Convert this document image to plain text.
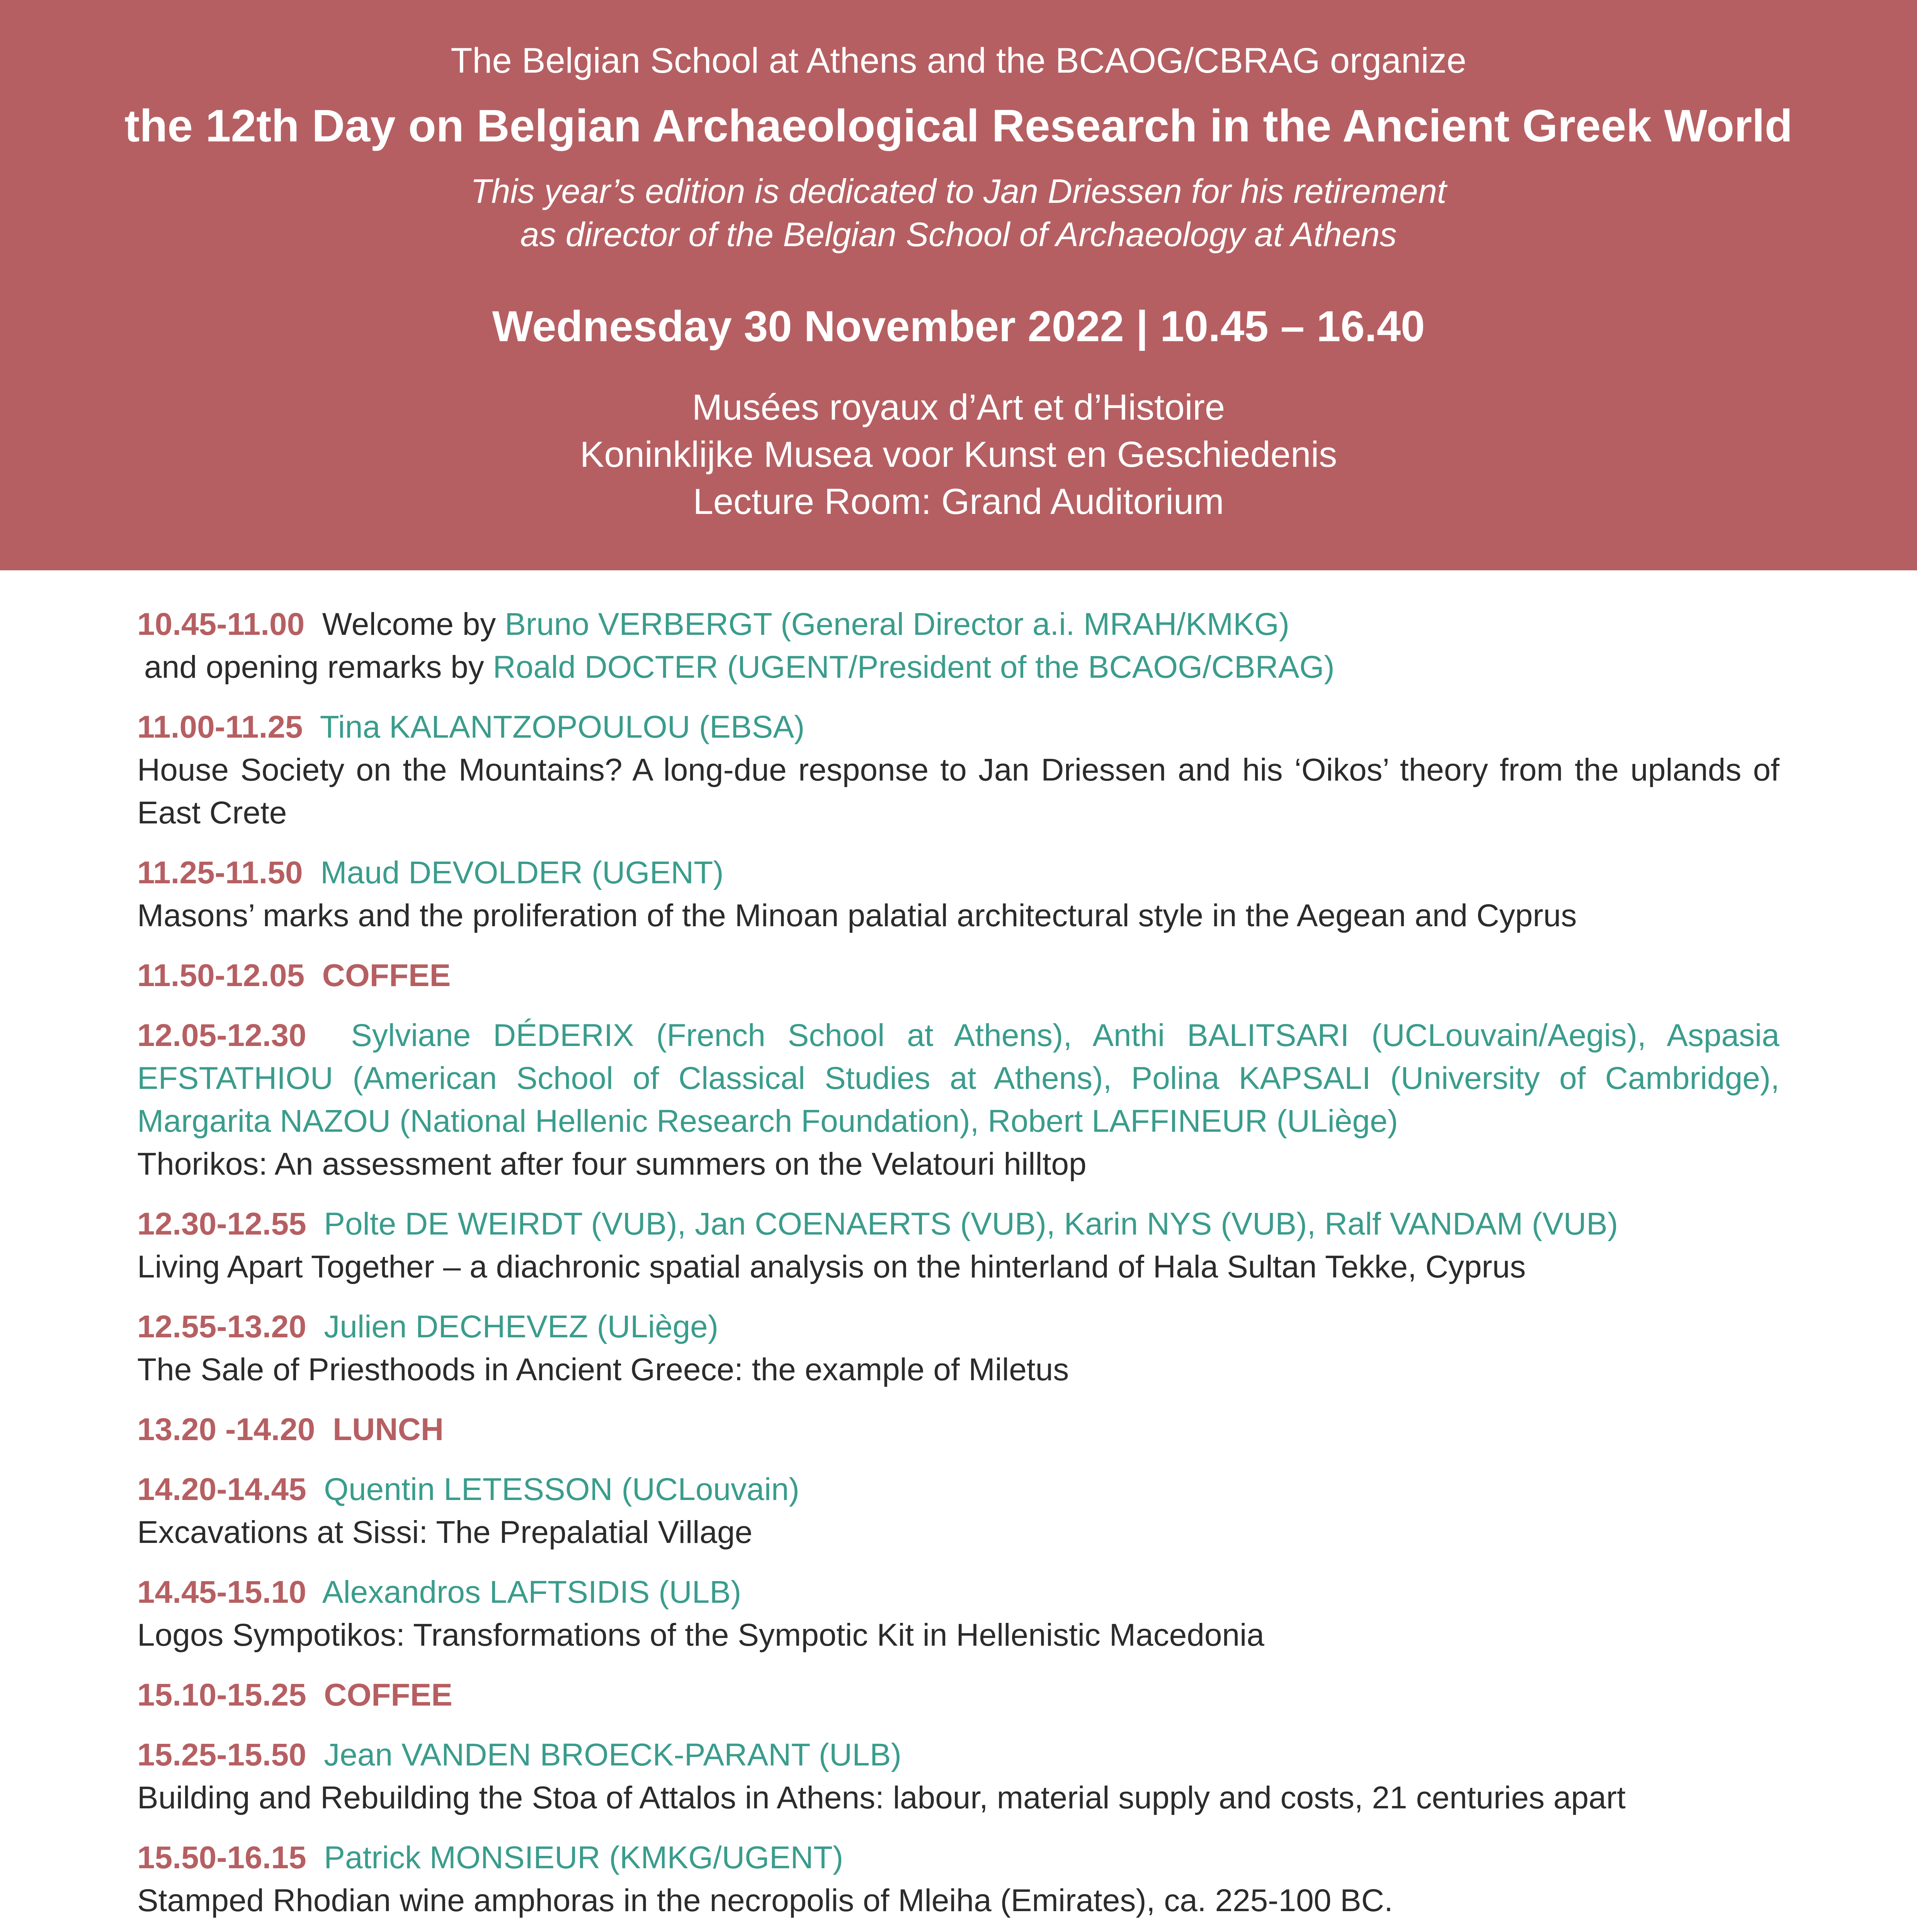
The Belgian School at Athens and the BCAOG/CBRAG organize
the 12th Day on Belgian Archaeological Research in the Ancient Greek World
This year’s edition is dedicated to Jan Driessen for his retirement
as director of the Belgian School of Archaeology at Athens
Wednesday 30 November 2022 | 10.45 – 16.40
Musées royaux d’Art et d’Histoire
Koninklijke Musea voor Kunst en Geschiedenis
Lecture Room: Grand Auditorium
10.45-11.00 Welcome by Bruno VERBERGT (General Director a.i. MRAH/KMKG)
and opening remarks by Roald DOCTER (UGENT/President of the BCAOG/CBRAG)
11.00-11.25 Tina KALANTZOPOULOU (EBSA)
House Society on the Mountains? A long-due response to Jan Driessen and his ‘Oikos’ theory from the uplands of East Crete
11.25-11.50 Maud DEVOLDER (UGENT)
Masons’ marks and the proliferation of the Minoan palatial architectural style in the Aegean and Cyprus
11.50-12.05 COFFEE
12.05-12.30 Sylviane DÉDERIX (French School at Athens), Anthi BALITSARI (UCLouvain/Aegis), Aspasia EFSTATHIOU (American School of Classical Studies at Athens), Polina KAPSALI (University of Cambridge), Margarita NAZOU (National Hellenic Research Foundation), Robert LAFFINEUR (ULiège)
Thorikos: An assessment after four summers on the Velatouri hilltop
12.30-12.55 Polte DE WEIRDT (VUB), Jan COENAERTS (VUB), Karin NYS (VUB), Ralf VANDAM (VUB)
Living Apart Together – a diachronic spatial analysis on the hinterland of Hala Sultan Tekke, Cyprus
12.55-13.20 Julien DECHEVEZ (ULiège)
The Sale of Priesthoods in Ancient Greece: the example of Miletus
13.20 -14.20 LUNCH
14.20-14.45 Quentin LETESSON (UCLouvain)
Excavations at Sissi: The Prepalatial Village
14.45-15.10 Alexandros LAFTSIDIS (ULB)
Logos Sympotikos: Transformations of the Sympotic Kit in Hellenistic Macedonia
15.10-15.25 COFFEE
15.25-15.50 Jean VANDEN BROECK-PARANT (ULB)
Building and Rebuilding the Stoa of Attalos in Athens: labour, material supply and costs, 21 centuries apart
15.50-16.15 Patrick MONSIEUR (KMKG/UGENT)
Stamped Rhodian wine amphoras in the necropolis of Mleiha (Emirates), ca. 225-100 BC.
